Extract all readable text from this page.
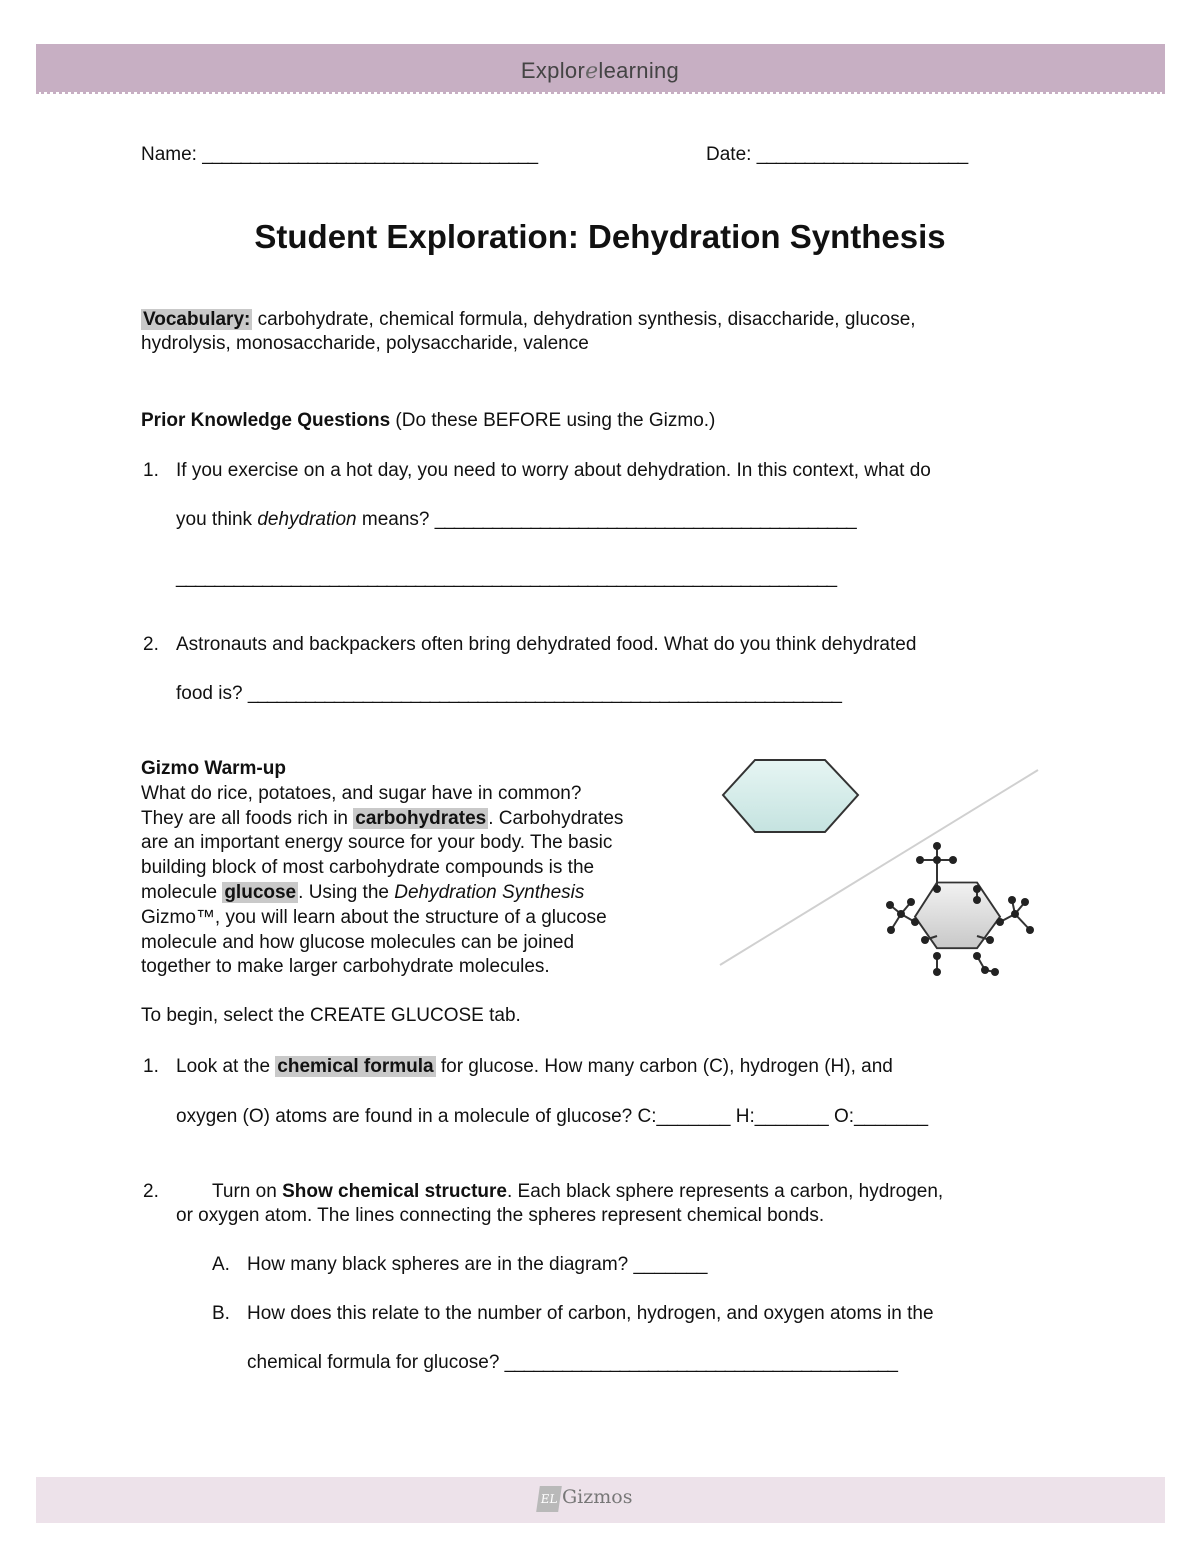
Explorelearning
Name: ___________________________________	Date: ______________________
Student Exploration: Dehydration Synthesis
Vocabulary: carbohydrate, chemical formula, dehydration synthesis, disaccharide, glucose,
hydrolysis, monosaccharide, polysaccharide, valence
Prior Knowledge Questions (Do these BEFORE using the Gizmo.)
1. If you exercise on a hot day, you need to worry about dehydration. In this context, what do
you think dehydration means? ____________________________________________
_____________________________________________________________________
2. Astronauts and backpackers often bring dehydrated food. What do you think dehydrated
food is? ______________________________________________________________
Gizmo Warm-up
What do rice, potatoes, and sugar have in common?
They are all foods rich in carbohydrates . Carbohydrates
are an important energy source for your body. The basic
building block of most carbohydrate compounds is the
molecule glucose . Using the Dehydration Synthesis
Gizmo™, you will learn about the structure of a glucose
molecule and how glucose molecules can be joined
together to make larger carbohydrate molecules.
To begin, select the CREATE GLUCOSE tab.
1. Look at the chemical formula for glucose. How many carbon (C), hydrogen (H), and
oxygen (O) atoms are found in a molecule of glucose? C:_______ H:_______ O:_______
2.	Turn on Show chemical structure. Each black sphere represents a carbon, hydrogen,
or oxygen atom. The lines connecting the spheres represent chemical bonds.
A. How many black spheres are in the diagram? _______
B. How does this relate to the number of carbon, hydrogen, and oxygen atoms in the
chemical formula for glucose? _________________________________________
EL Gizmos
